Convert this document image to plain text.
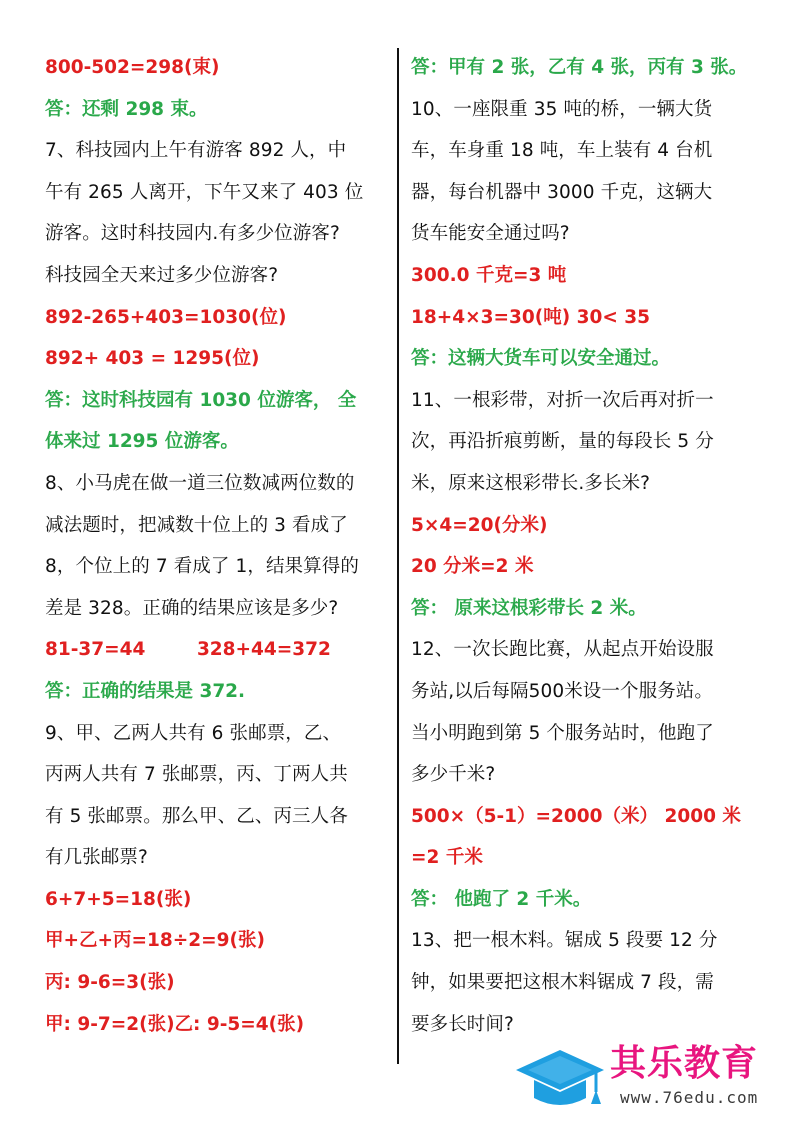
800-502=298(束)
答：还剩 298 束。
7、科技园内上午有游客 892 人，中
午有 265 人离开，下午又来了 403 位
游客。这时科技园内.有多少位游客?
科技园全天来过多少位游客?
892-265+403=1030(位)
892+ 403 = 1295(位)
答：这时科技园有 1030 位游客， 全
体来过 1295 位游客。
8、小马虎在做一道三位数减两位数的
减法题时，把减数十位上的 3 看成了
8，个位上的 7 看成了 1，结果算得的
差是 328。正确的结果应该是多少?
81-37=44        328+44=372
答：正确的结果是 372.
9、甲、乙两人共有 6 张邮票，乙、
丙两人共有 7 张邮票，丙、丁两人共
有 5 张邮票。那么甲、乙、丙三人各
有几张邮票?
6+7+5=18(张)
甲+乙+丙=18÷2=9(张)
丙: 9-6=3(张)
甲: 9-7=2(张)乙: 9-5=4(张)
答：甲有 2 张，乙有 4 张，丙有 3 张。
10、一座限重 35 吨的桥，一辆大货
车，车身重 18 吨，车上装有 4 台机
器，每台机器中 3000 千克，这辆大
货车能安全通过吗?
300.0 千克=3 吨
18+4×3=30(吨) 30< 35
答：这辆大货车可以安全通过。
11、一根彩带，对折一次后再对折一
次，再沿折痕剪断，量的每段长 5 分
米，原来这根彩带长.多长米?
5×4=20(分米)
20 分米=2 米
答： 原来这根彩带长 2 米。
12、一次长跑比赛，从起点开始设服
务站,以后每隔500米设一个服务站。
当小明跑到第 5 个服务站时，他跑了
多少千米?
500×（5-1）=2000（米） 2000 米
=2 千米
答： 他跑了 2 千米。
13、把一根木料。锯成 5 段要 12 分
钟，如果要把这根木料锯成 7 段，需
要多长时间?
其乐教育
www.76edu.com
